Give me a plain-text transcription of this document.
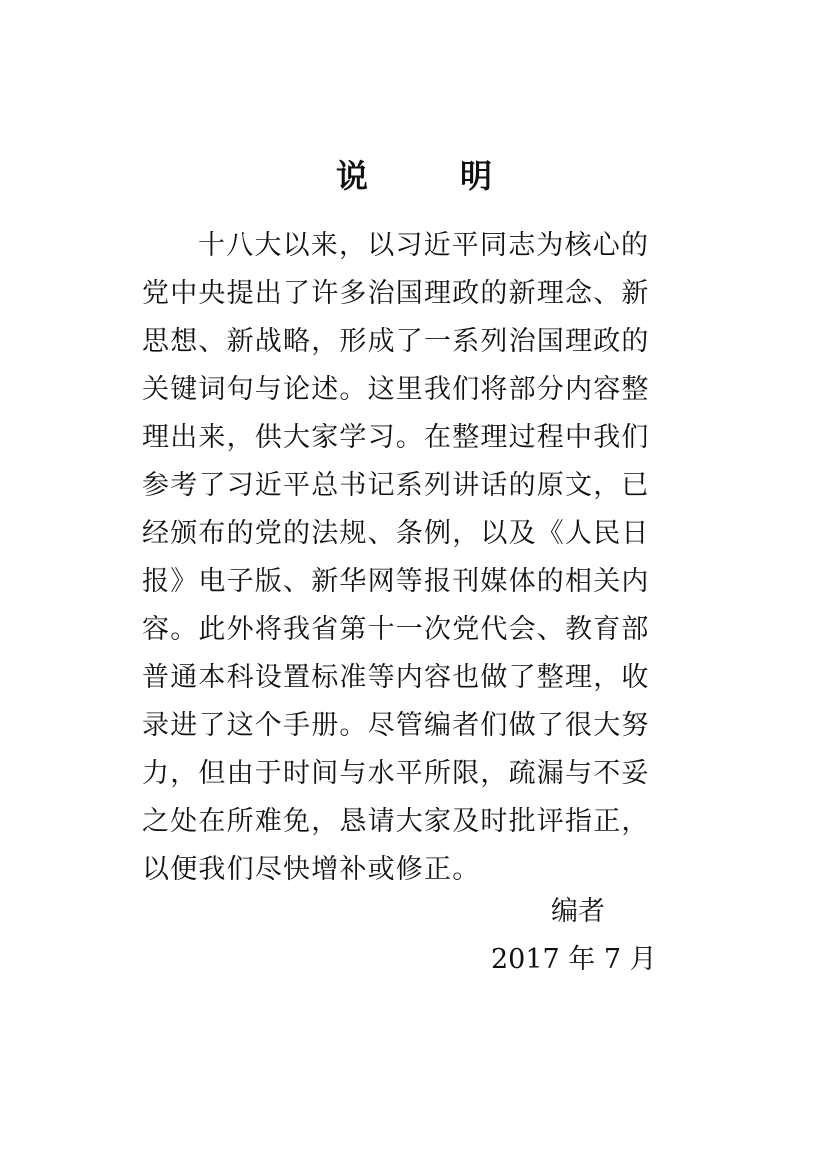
说　明
十八大以来，以习近平同志为核心的
党中央提出了许多治国理政的新理念、新
思想、新战略，形成了一系列治国理政的
关键词句与论述。这里我们将部分内容整
理出来，供大家学习。在整理过程中我们
参考了习近平总书记系列讲话的原文，已
经颁布的党的法规、条例，以及《人民日
报》电子版、新华网等报刊媒体的相关内
容。此外将我省第十一次党代会、教育部
普通本科设置标准等内容也做了整理，收
录进了这个手册。尽管编者们做了很大努
力，但由于时间与水平所限，疏漏与不妥
之处在所难免，恳请大家及时批评指正，
以便我们尽快增补或修正。
编者
2017 年 7 月
